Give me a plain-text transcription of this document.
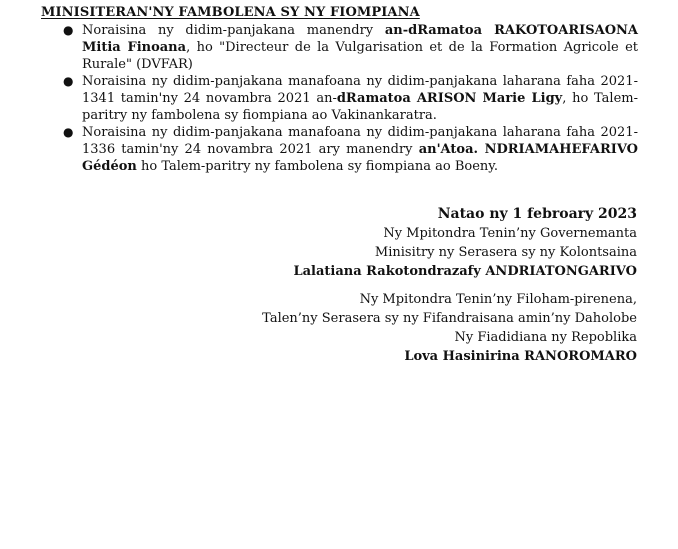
MINISITERAN'NY FAMBOLENA SY NY FIOMPIANA
● Noraisina ny didim-panjakana manendry an-dRamatoa RAKOTOARISAONA Mitia Finoana, ho "Directeur de la Vulgarisation et de la Formation Agricole et Rurale" (DVFAR)
● Noraisina ny didim-panjakana manafoana ny didim-panjakana laharana faha 2021-1341 tamin'ny 24 novambra 2021 an-dRamatoa ARISON Marie Ligy, ho Talem-paritry ny fambolena sy fiompiana ao Vakinankaratra.
● Noraisina ny didim-panjakana manafoana ny didim-panjakana laharana faha 2021-1336 tamin'ny 24 novambra 2021 ary manendry an'Atoa. NDRIAMAHEFARIVO Gédéon ho Talem-paritry ny fambolena sy fiompiana ao Boeny.
Natao ny 1 febroary 2023
Ny Mpitondra Tenin’ny Governemanta
Minisitry ny Serasera sy ny Kolontsaina
Lalatiana Rakotondrazafy ANDRIATONGARIVO
Ny Mpitondra Tenin’ny Filoham-pirenena,
Talen’ny Serasera sy ny Fifandraisana amin’ny Daholobe
Ny Fiadidiana ny Repoblika
Lova Hasinirina RANOROMARO
